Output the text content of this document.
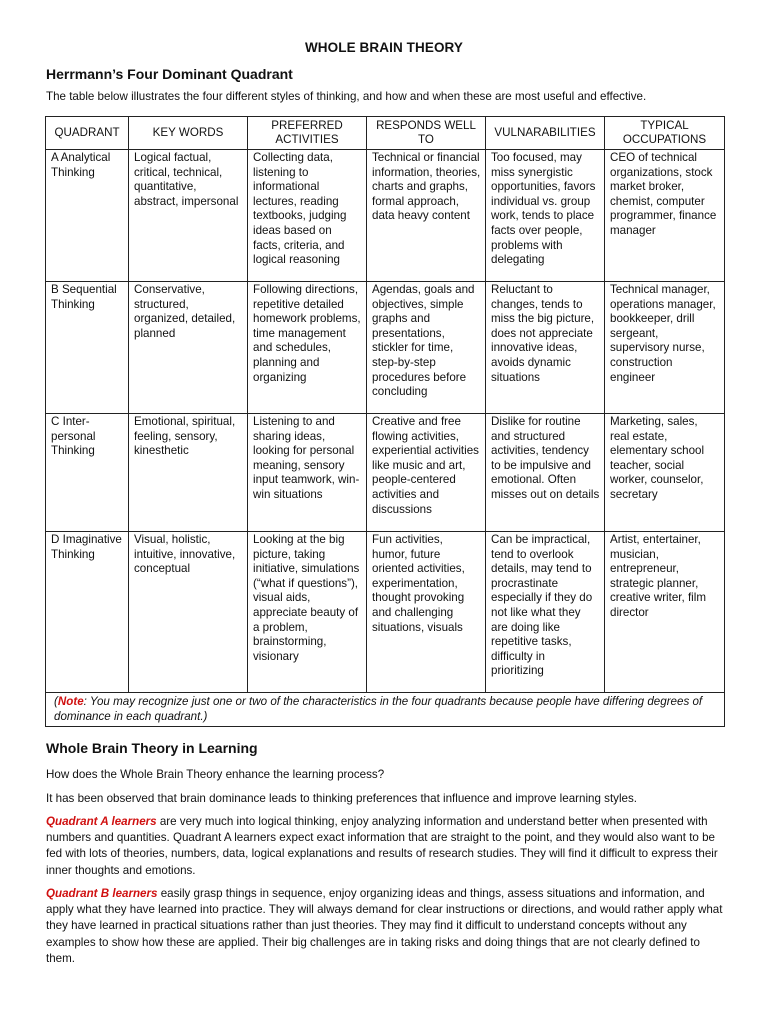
WHOLE BRAIN THEORY
Herrmann’s Four Dominant Quadrant
The table below illustrates the four different styles of thinking, and how and when these are most useful and effective.
QUADRANT	KEY WORDS	PREFERRED ACTIVITIES	RESPONDS WELL TO	VULNARABILITIES	TYPICAL OCCUPATIONS
A Analytical Thinking	Logical factual, critical, technical, quantitative, abstract, impersonal	Collecting data, listening to informational lectures, reading textbooks, judging ideas based on facts, criteria, and logical reasoning	Technical or financial information, theories, charts and graphs, formal approach, data heavy content	Too focused, may miss synergistic opportunities, favors individual vs. group work, tends to place facts over people, problems with delegating	CEO of technical organizations, stock market broker, chemist, computer programmer, finance manager
B Sequential Thinking	Conservative, structured, organized, detailed, planned	Following directions, repetitive detailed homework problems, time management and schedules, planning and organizing	Agendas, goals and objectives, simple graphs and presentations, stickler for time, step-by-step procedures before concluding	Reluctant to changes, tends to miss the big picture, does not appreciate innovative ideas, avoids dynamic situations	Technical manager, operations manager, bookkeeper, drill sergeant, supervisory nurse, construction engineer
C Inter-personal Thinking	Emotional, spiritual, feeling, sensory, kinesthetic	Listening to and sharing ideas, looking for personal meaning, sensory input teamwork, win-win situations	Creative and free flowing activities, experiential activities like music and art, people-centered activities and discussions	Dislike for routine and structured activities, tendency to be impulsive and emotional. Often misses out on details	Marketing, sales, real estate, elementary school teacher, social worker, counselor, secretary
D Imaginative Thinking	Visual, holistic, intuitive, innovative, conceptual	Looking at the big picture, taking initiative, simulations (“what if questions”), visual aids, appreciate beauty of a problem, brainstorming, visionary	Fun activities, humor, future oriented activities, experimentation, thought provoking and challenging situations, visuals	Can be impractical, tend to overlook details, may tend to procrastinate especially if they do not like what they are doing like repetitive tasks, difficulty in prioritizing	Artist, entertainer, musician, entrepreneur, strategic planner, creative writer, film director
(Note: You may recognize just one or two of the characteristics in the four quadrants because people have differing degrees of dominance in each quadrant.)					
Whole Brain Theory in Learning
How does the Whole Brain Theory enhance the learning process?
It has been observed that brain dominance leads to thinking preferences that influence and improve learning styles.
Quadrant A learners are very much into logical thinking, enjoy analyzing information and understand better when presented with numbers and quantities. Quadrant A learners expect exact information that are straight to the point, and they would also want to be fed with lots of theories, numbers, data, logical explanations and results of research studies. They will find it difficult to express their inner thoughts and emotions.
Quadrant B learners easily grasp things in sequence, enjoy organizing ideas and things, assess situations and information, and apply what they have learned into practice. They will always demand for clear instructions or directions, and would rather apply what they have learned in practical situations rather than just theories. They may find it difficult to understand concepts without any examples to show how these are applied. Their big challenges are in taking risks and doing things that are not clearly defined to them.
